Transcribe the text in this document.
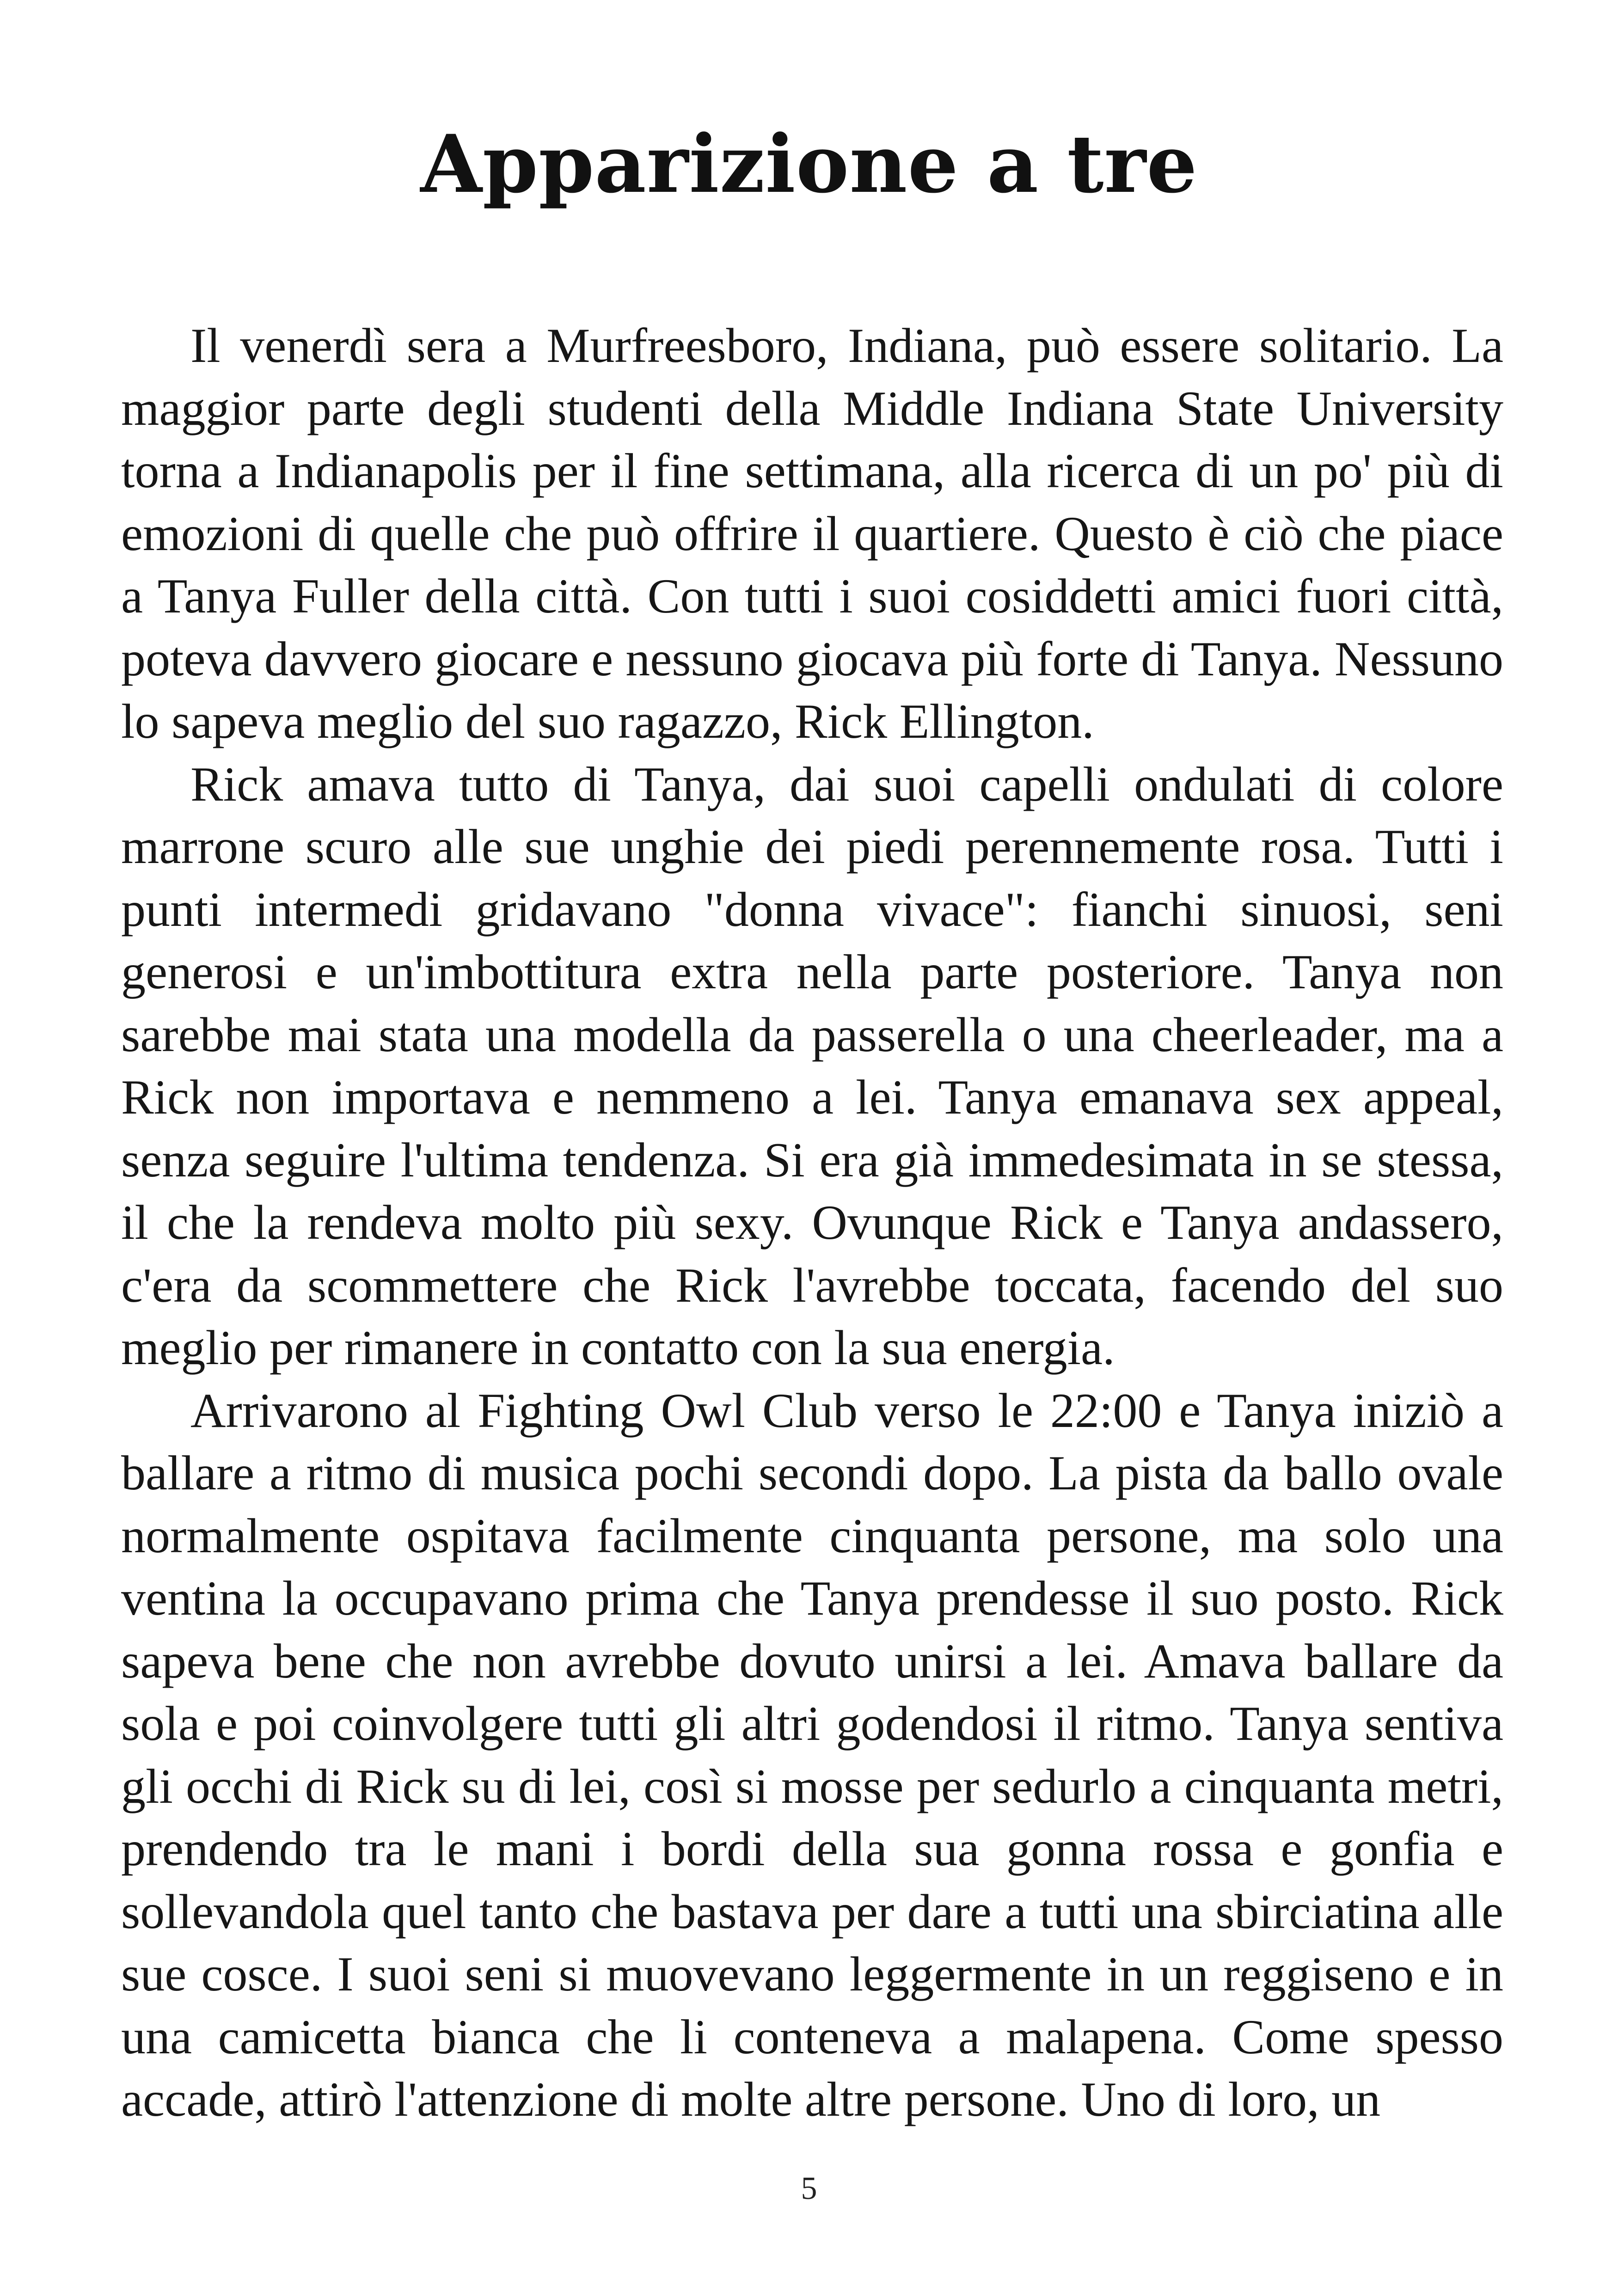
Apparizione a tre

Il venerdì sera a Murfreesboro, Indiana, può essere solitario. La maggior parte degli studenti della Middle Indiana State University torna a Indianapolis per il fine settimana, alla ricerca di un po' più di emozioni di quelle che può offrire il quartiere. Questo è ciò che piace a Tanya Fuller della città. Con tutti i suoi cosiddetti amici fuori città, poteva davvero giocare e nessuno giocava più forte di Tanya. Nessuno lo sapeva meglio del suo ragazzo, Rick Ellington.

Rick amava tutto di Tanya, dai suoi capelli ondulati di colore marrone scuro alle sue unghie dei piedi perennemente rosa. Tutti i punti intermedi gridavano "donna vivace": fianchi sinuosi, seni generosi e un'imbottitura extra nella parte posteriore. Tanya non sarebbe mai stata una modella da passerella o una cheerleader, ma a Rick non importava e nemmeno a lei. Tanya emanava sex appeal, senza seguire l'ultima tendenza. Si era già immedesimata in se stessa, il che la rendeva molto più sexy. Ovunque Rick e Tanya andassero, c'era da scommettere che Rick l'avrebbe toccata, facendo del suo meglio per rimanere in contatto con la sua energia.

Arrivarono al Fighting Owl Club verso le 22:00 e Tanya iniziò a ballare a ritmo di musica pochi secondi dopo. La pista da ballo ovale normalmente ospitava facilmente cinquanta persone, ma solo una ventina la occupavano prima che Tanya prendesse il suo posto. Rick sapeva bene che non avrebbe dovuto unirsi a lei. Amava ballare da sola e poi coinvolgere tutti gli altri godendosi il ritmo. Tanya sentiva gli occhi di Rick su di lei, così si mosse per sedurlo a cinquanta metri, prendendo tra le mani i bordi della sua gonna rossa e gonfia e sollevandola quel tanto che bastava per dare a tutti una sbirciatina alle sue cosce. I suoi seni si muovevano leggermente in un reggiseno e in una camicetta bianca che li conteneva a malapena. Come spesso accade, attirò l'attenzione di molte altre persone. Uno di loro, un

5
